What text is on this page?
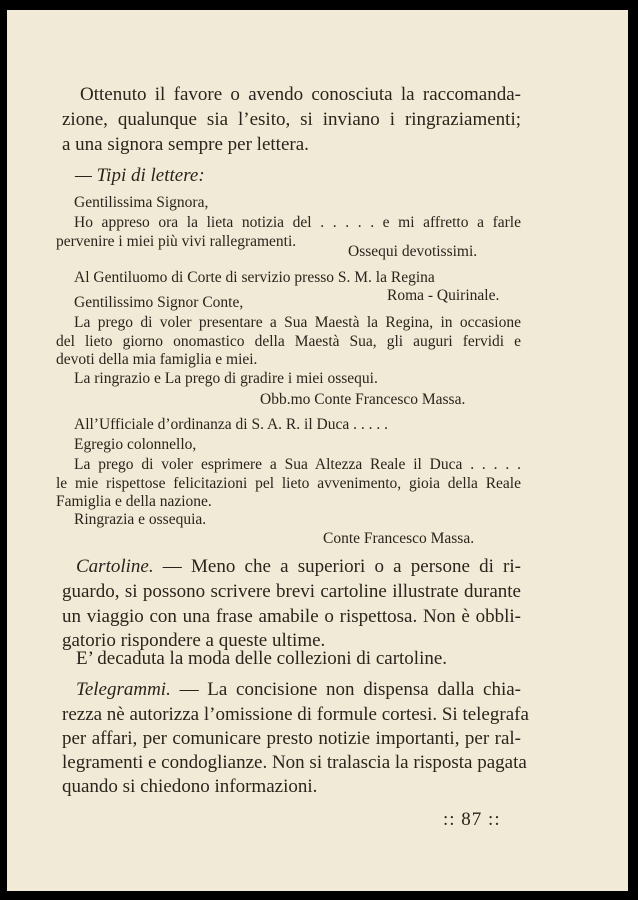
Ottenuto il favore o avendo conosciuta la raccomanda-
zione, qualunque sia l’esito, si inviano i ringraziamenti;
a una signora sempre per lettera.
— Tipi di lettere:
Gentilissima Signora,
Ho appreso ora la lieta notizia del . . . . . e mi affretto a farle
pervenire i miei più vivi rallegramenti.
Ossequi devotissimi.
Al Gentiluomo di Corte di servizio presso S. M. la Regina
Gentilissimo Signor Conte,	Roma - Quirinale.
La prego di voler presentare a Sua Maestà la Regina, in occasione
del lieto giorno onomastico della Maestà Sua, gli auguri fervidi e
devoti della mia famiglia e miei.
La ringrazio e La prego di gradire i miei ossequi.
Obb.mo Conte Francesco Massa.
All’Ufficiale d’ordinanza di S. A. R. il Duca . . . . .
Egregio colonnello,
La prego di voler esprimere a Sua Altezza Reale il Duca . . . . .
le mie rispettose felicitazioni pel lieto avvenimento, gioia della Reale
Famiglia e della nazione.
Ringrazia e ossequia.
Conte Francesco Massa.
Cartoline. — Meno che a superiori o a persone di ri-
guardo, si possono scrivere brevi cartoline illustrate durante
un viaggio con una frase amabile o rispettosa. Non è obbli-
gatorio rispondere a queste ultime.
E’ decaduta la moda delle collezioni di cartoline.
Telegrammi. — La concisione non dispensa dalla chia-
rezza nè autorizza l’omissione di formule cortesi. Si telegrafa
per affari, per comunicare presto notizie importanti, per ral-
legramenti e condoglianze. Non si tralascia la risposta pagata
quando si chiedono informazioni.
:: 87 ::
